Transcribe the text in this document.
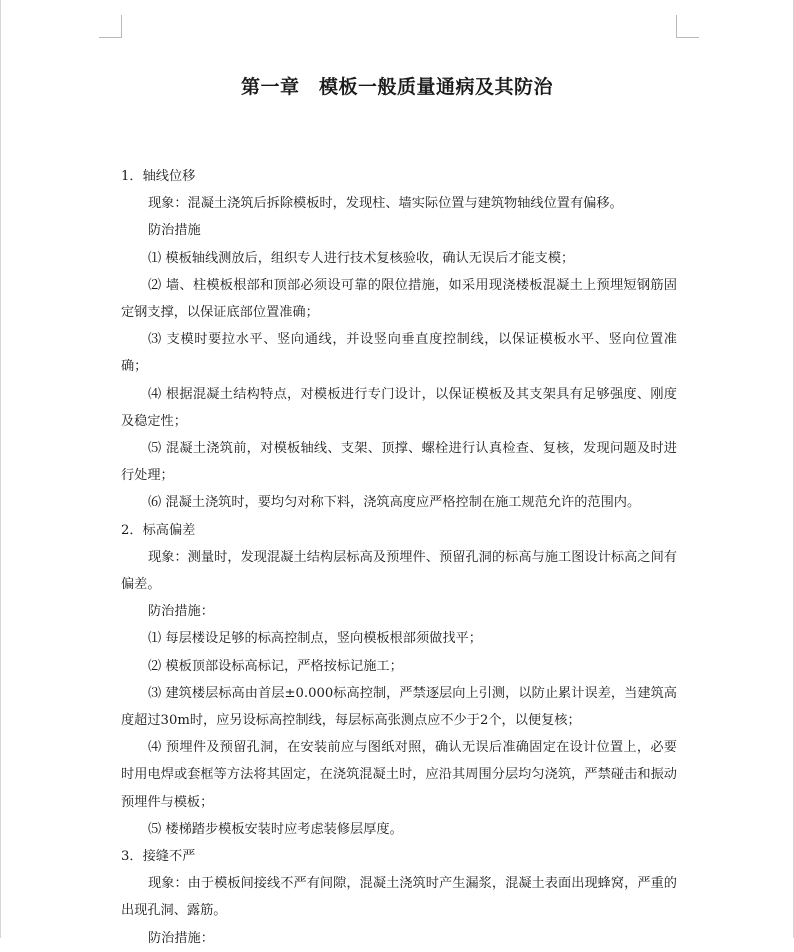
第一章　模板一般质量通病及其防治

1．轴线位移

现象：混凝土浇筑后拆除模板时，发现柱、墙实际位置与建筑物轴线位置有偏移。

防治措施

⑴ 模板轴线测放后，组织专人进行技术复核验收，确认无误后才能支模；

⑵ 墙、柱模板根部和顶部必须设可靠的限位措施，如采用现浇楼板混凝土上预埋短钢筋固定钢支撑，以保证底部位置准确；

⑶ 支模时要拉水平、竖向通线，并设竖向垂直度控制线，以保证模板水平、竖向位置准确；

⑷ 根据混凝土结构特点，对模板进行专门设计，以保证模板及其支架具有足够强度、刚度及稳定性；

⑸ 混凝土浇筑前，对模板轴线、支架、顶撑、螺栓进行认真检查、复核，发现问题及时进行处理；

⑹ 混凝土浇筑时，要均匀对称下料，浇筑高度应严格控制在施工规范允许的范围内。

2．标高偏差

现象：测量时，发现混凝土结构层标高及预埋件、预留孔洞的标高与施工图设计标高之间有偏差。

防治措施：

⑴ 每层楼设足够的标高控制点，竖向模板根部须做找平；

⑵ 模板顶部设标高标记，严格按标记施工；

⑶ 建筑楼层标高由首层±0.000标高控制，严禁逐层向上引测，以防止累计误差，当建筑高度超过30m时，应另设标高控制线，每层标高张测点应不少于2个，以便复核；

⑷ 预埋件及预留孔洞，在安装前应与图纸对照，确认无误后准确固定在设计位置上，必要时用电焊或套框等方法将其固定，在浇筑混凝土时，应沿其周围分层均匀浇筑，严禁碰击和振动预埋件与模板；

⑸ 楼梯踏步模板安装时应考虑装修层厚度。

3．接缝不严

现象：由于模板间接线不严有间隙，混凝土浇筑时产生漏浆，混凝土表面出现蜂窝，严重的出现孔洞、露筋。

防治措施：
